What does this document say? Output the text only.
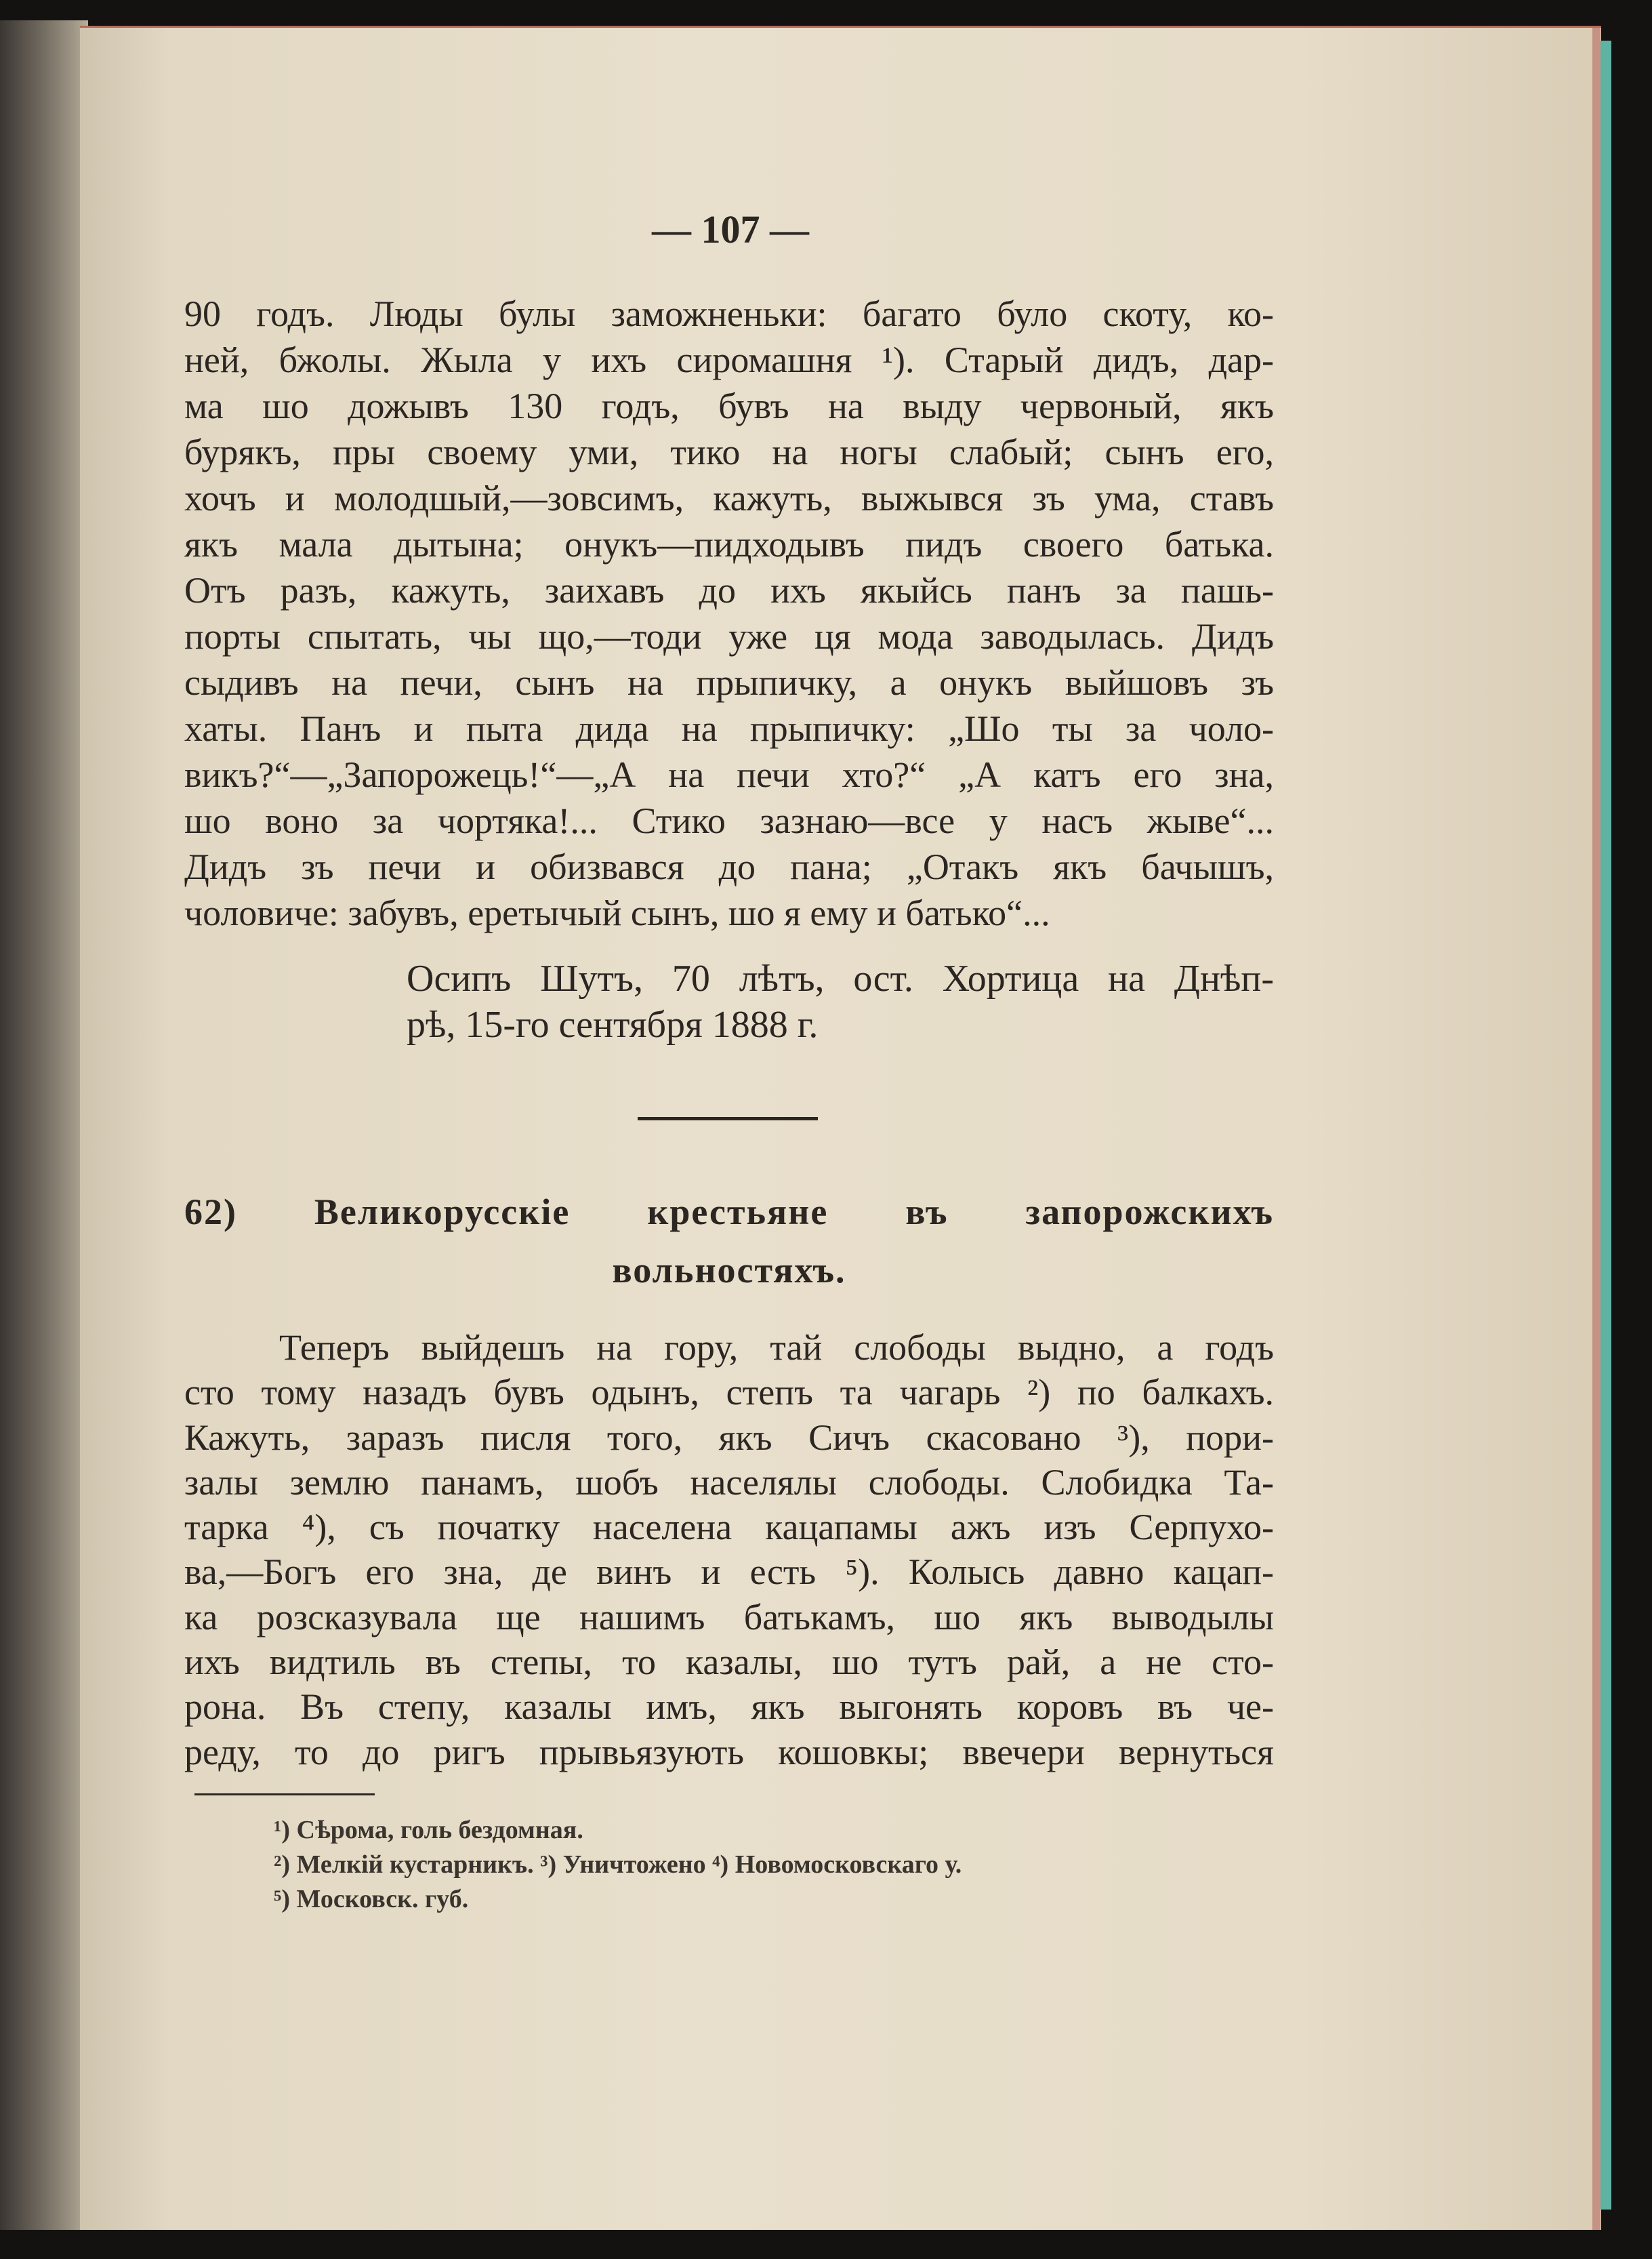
— 107 —
90 годъ. Люды булы заможненьки: багато було скоту, ко-
ней, бжолы. Жыла у ихъ сиромашня ¹). Старый дидъ, дар-
ма шо дожывъ 130 годъ, бувъ на выду червоный, якъ
бурякъ, пры своему уми, тико на ногы слабый; сынъ его,
хочъ и молодшый,—зовсимъ, кажуть, выжывся зъ ума, ставъ
якъ мала дытына; онукъ—пидходывъ пидъ своего батька.
Отъ разъ, кажуть, заихавъ до ихъ якыйсь панъ за пашь-
порты спытать, чы що,—тоди уже ця мода заводылась. Дидъ
сыдивъ на печи, сынъ на прыпичку, а онукъ выйшовъ зъ
хаты. Панъ и пыта дида на прыпичку: „Шо ты за чоло-
викъ?“—„Запорожець!“—„А на печи хто?“ „А катъ его зна,
шо воно за чортяка!... Стико зазнаю—все у насъ жыве“...
Дидъ зъ печи и обизвався до пана; „Отакъ якъ бачышъ,
чоловиче: забувъ, еретычый сынъ, шо я ему и батько“...
Осипъ Шутъ, 70 лѣтъ, ост. Хортица на Днѣп-
рѣ, 15-го сентября 1888 г.
62) Великорусскіе крестьяне въ запорожскихъ
вольностяхъ.
Теперъ выйдешъ на гору, тай слободы выдно, а годъ
сто тому назадъ бувъ одынъ, степъ та чагарь ²) по балкахъ.
Кажуть, заразъ писля того, якъ Сичъ скасовано ³), пори-
залы землю панамъ, шобъ населялы слободы. Слобидка Та-
тарка ⁴), съ початку населена кацапамы ажъ изъ Серпухо-
ва,—Богъ его зна, де винъ и есть ⁵). Колысь давно кацап-
ка розсказувала ще нашимъ батькамъ, шо якъ выводылы
ихъ видтиль въ степы, то казалы, шо тутъ рай, а не сто-
рона. Въ степу, казалы имъ, якъ выгонять коровъ въ че-
реду, то до ригъ прывьязують кошовкы; ввечери вернуться
¹) Сѣрома, голь бездомная.
²) Мелкій кустарникъ. ³) Уничтожено ⁴) Новомосковскаго у.
⁵) Московск. губ.
